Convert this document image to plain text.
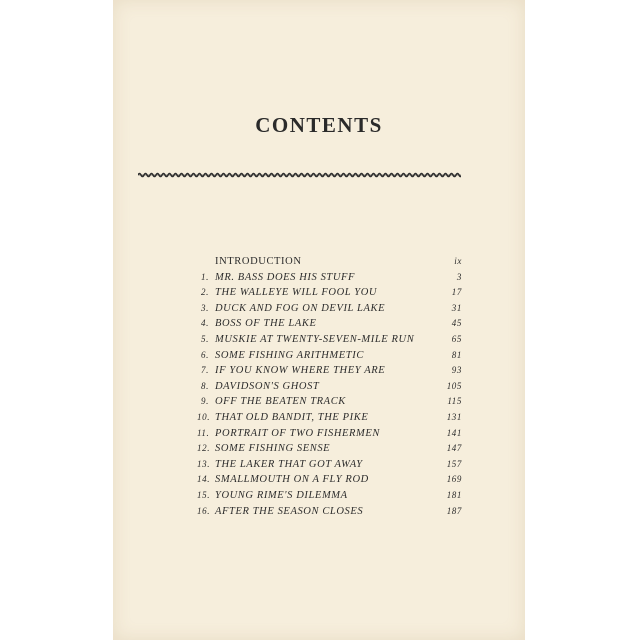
CONTENTS
INTRODUCTION	ix
1. MR. BASS DOES HIS STUFF	3
2. THE WALLEYE WILL FOOL YOU	17
3. DUCK AND FOG ON DEVIL LAKE	31
4. BOSS OF THE LAKE	45
5. MUSKIE AT TWENTY-SEVEN-MILE RUN	65
6. SOME FISHING ARITHMETIC	81
7. IF YOU KNOW WHERE THEY ARE	93
8. DAVIDSON'S GHOST	105
9. OFF THE BEATEN TRACK	115
10. THAT OLD BANDIT, THE PIKE	131
11. PORTRAIT OF TWO FISHERMEN	141
12. SOME FISHING SENSE	147
13. THE LAKER THAT GOT AWAY	157
14. SMALLMOUTH ON A FLY ROD	169
15. YOUNG RIME'S DILEMMA	181
16. AFTER THE SEASON CLOSES	187
